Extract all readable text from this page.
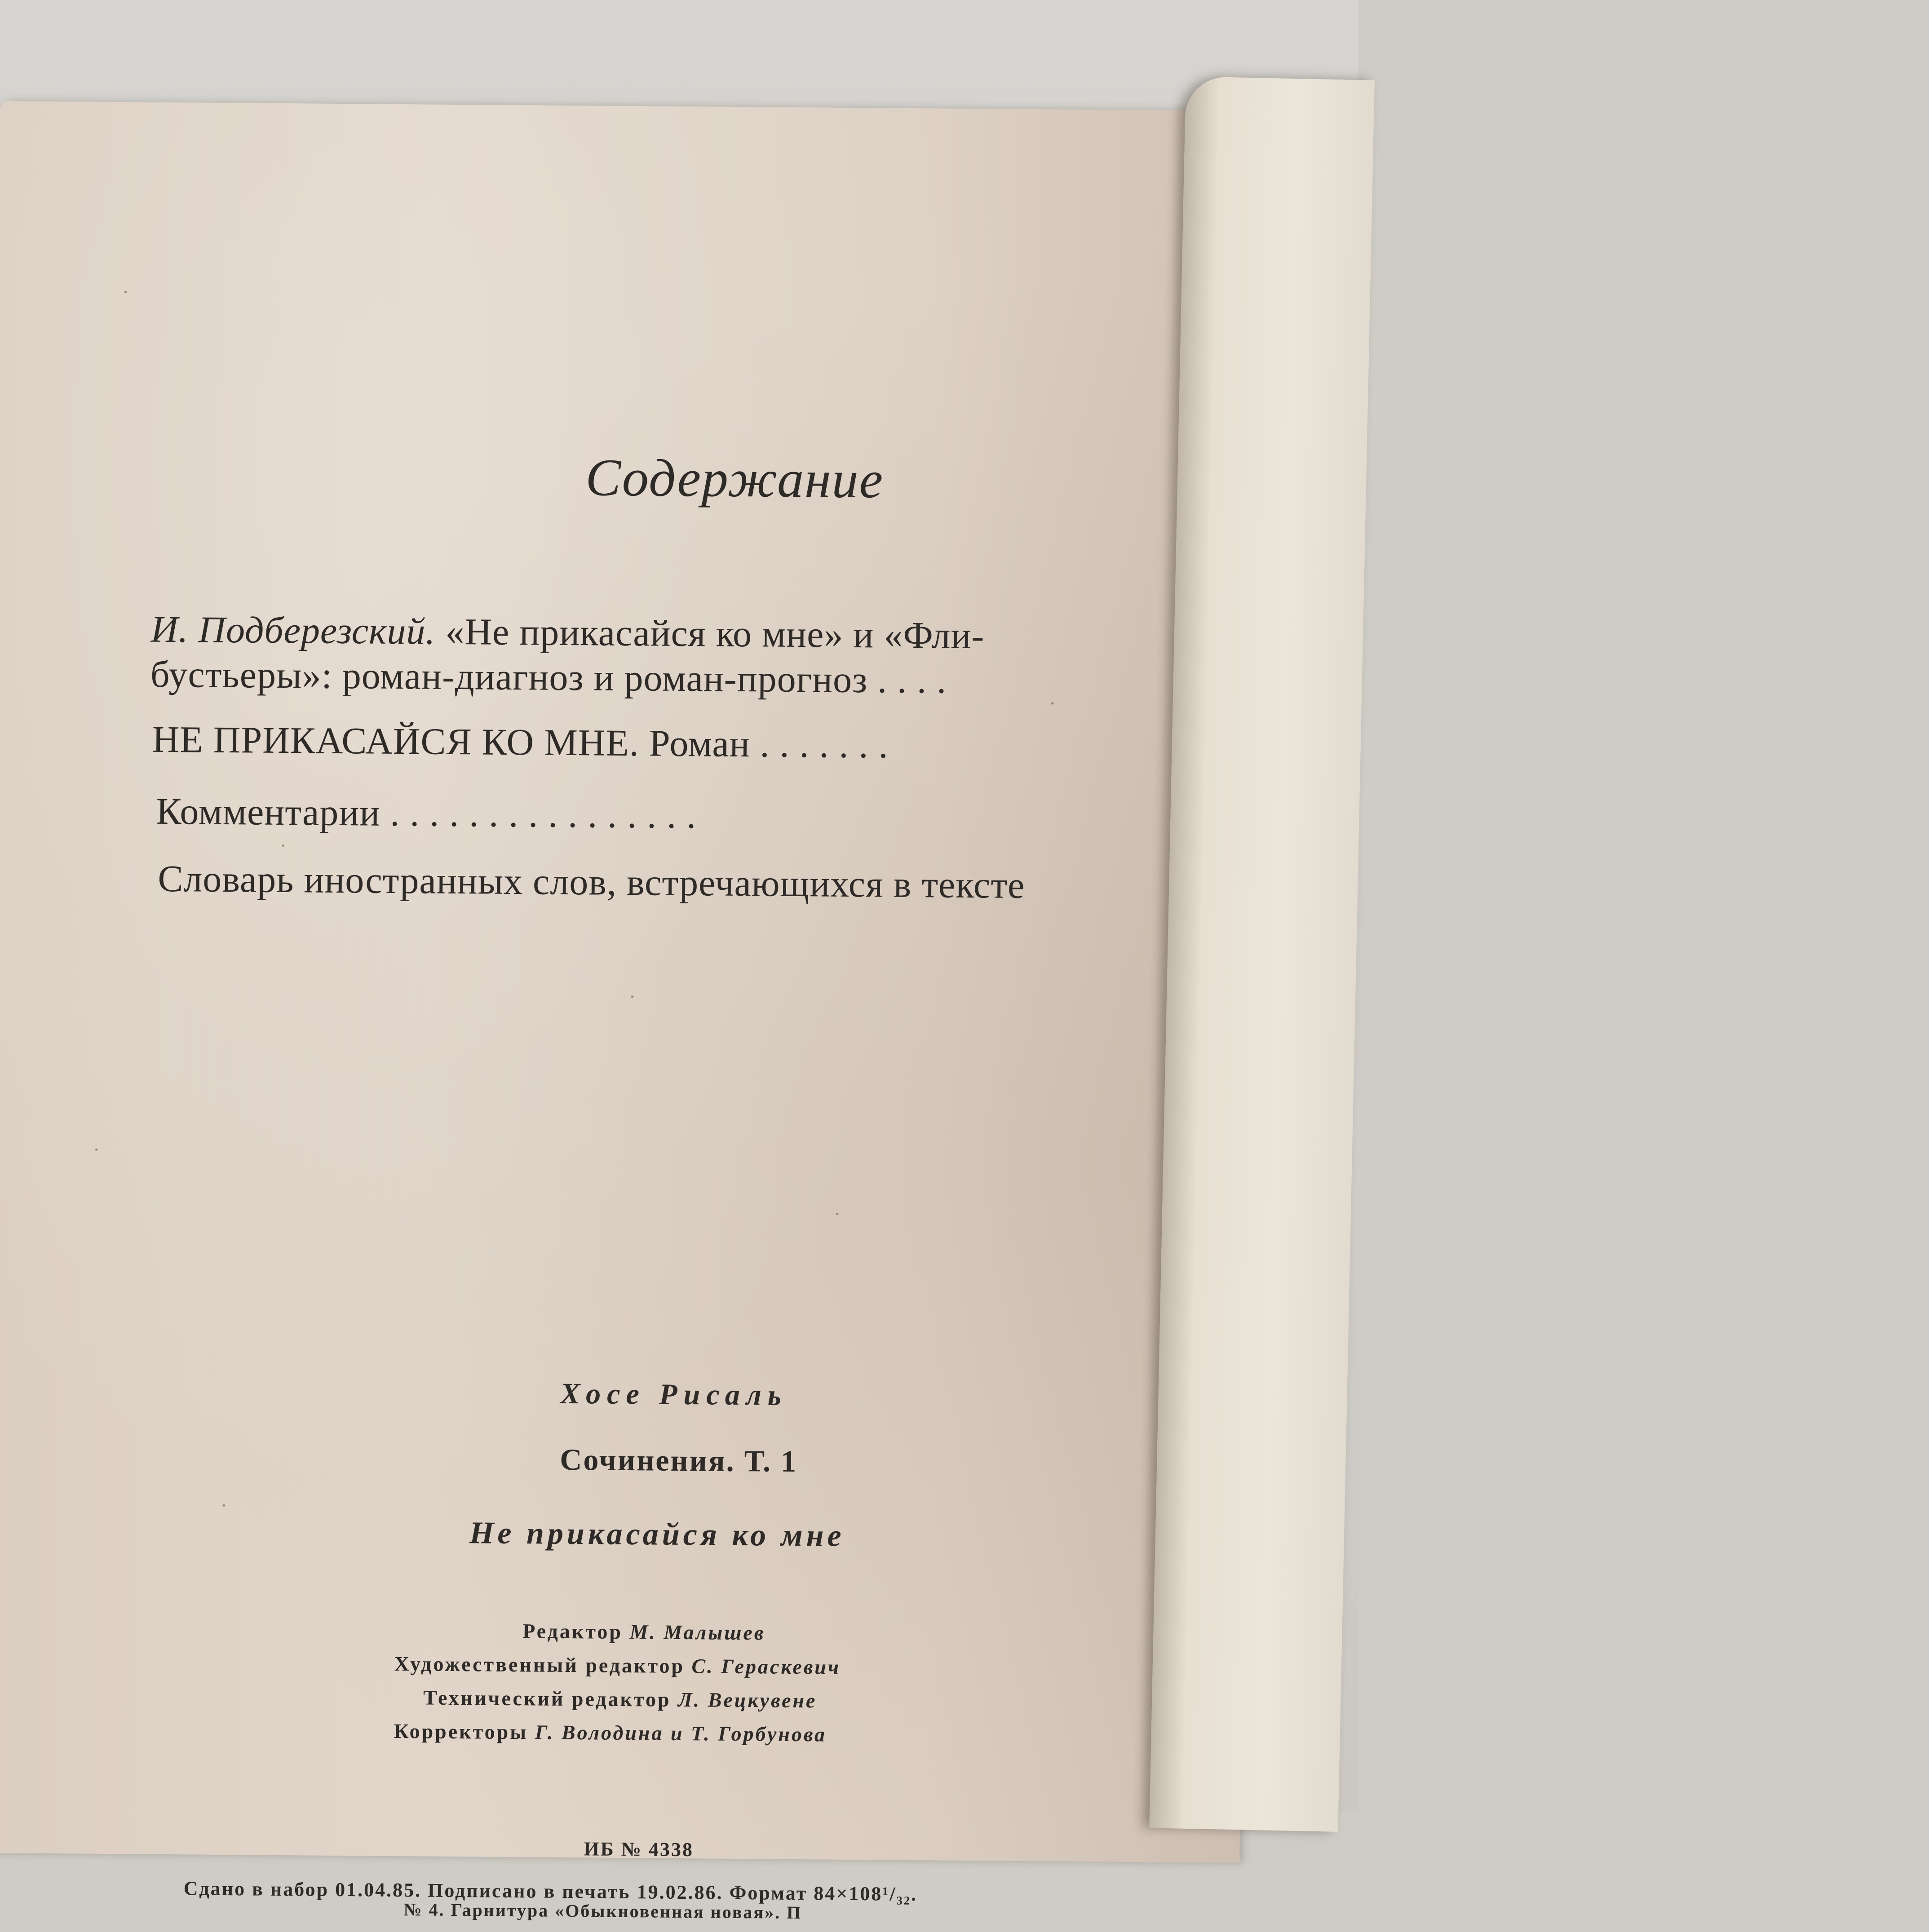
Содержание
И. Подберезский. «Не прикасайся ко мне» и «Фли-
бустьеры»: роман-диагноз и роман-прогноз . . . .
НЕ ПРИКАСАЙСЯ КО МНЕ. Роман . . . . . . .
Комментарии . . . . . . . . . . . . . . . .
Словарь иностранных слов, встречающихся в тексте
Хосе Рисаль
Сочинения. Т. 1
Не прикасайся ко мне
Редактор М. Малышев
Художественный редактор С. Гераскевич
Технический редактор Л. Вецкувене
Корректоры Г. Володина и Т. Горбунова
ИБ № 4338
Сдано в набор 01.04.85. Подписано в печать 19.02.86. Формат 84×108¹/₃₂.
№ 4. Гарнитура «Обыкновенная новая». П
